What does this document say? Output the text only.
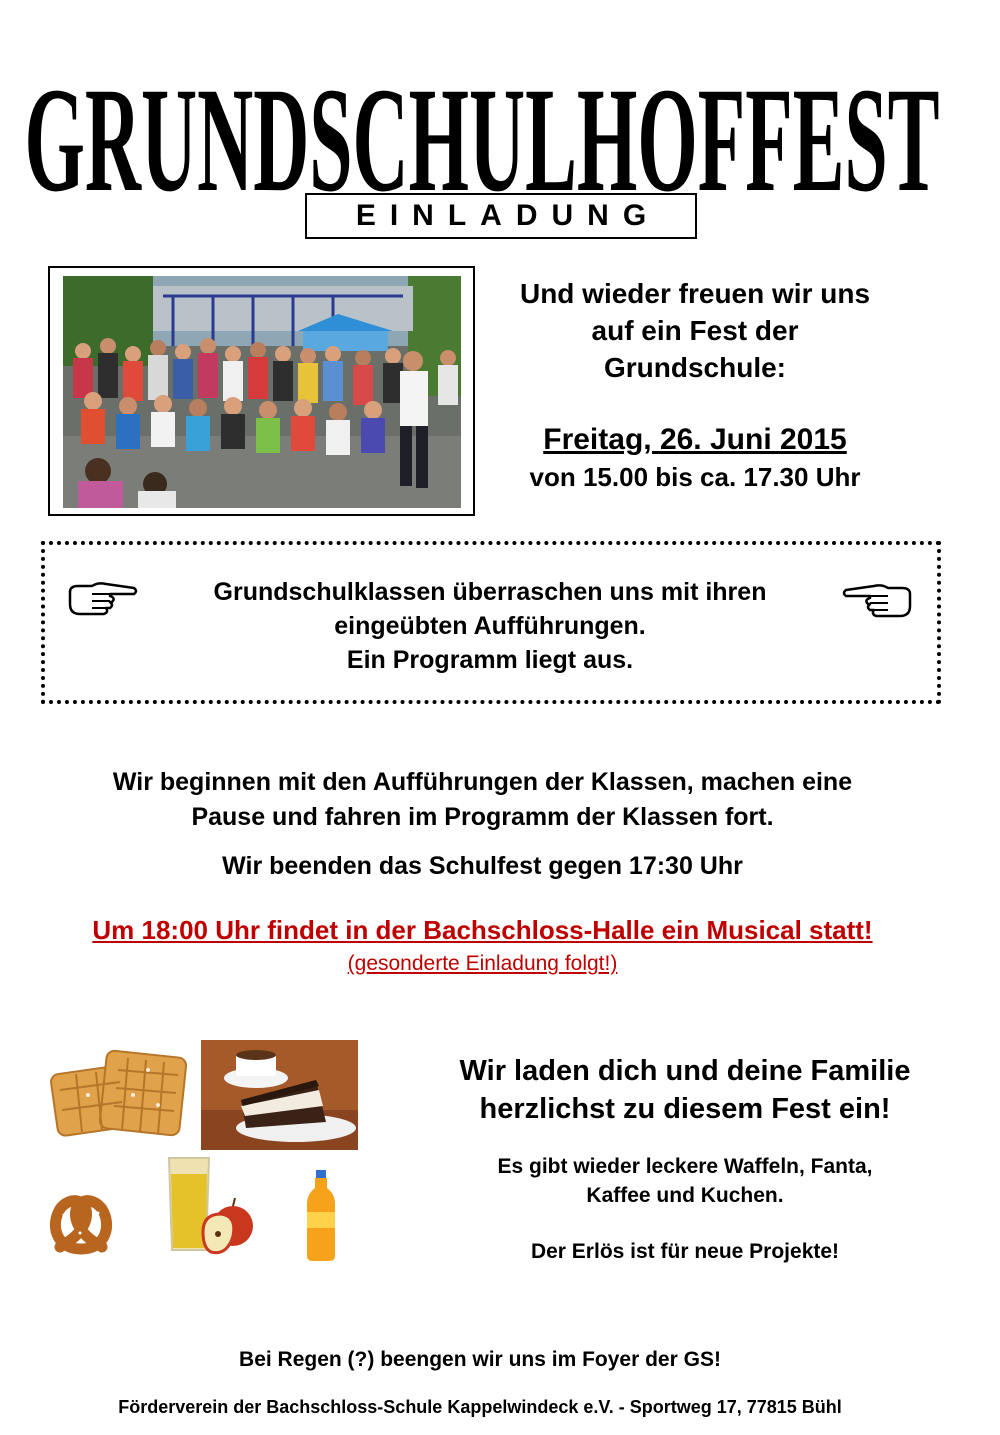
GRUNDSCHULHOFFEST
EINLADUNG
Und wieder freuen wir uns
auf ein Fest der
Grundschule:
Freitag, 26. Juni 2015
von 15.00 bis ca. 17.30 Uhr
Grundschulklassen überraschen uns mit ihren
eingeübten Aufführungen.
Ein Programm liegt aus.
Wir beginnen mit den Aufführungen der Klassen, machen eine
Pause und fahren im Programm der Klassen fort.
Wir beenden das Schulfest gegen 17:30 Uhr
Um 18:00 Uhr findet in der Bachschloss-Halle ein Musical statt!
(gesonderte Einladung folgt!)
Wir laden dich und deine Familie
herzlichst zu diesem Fest ein!
Es gibt wieder leckere Waffeln, Fanta,
Kaffee und Kuchen.
Der Erlös ist für neue Projekte!
Bei Regen (?) beengen wir uns im Foyer der GS!
Förderverein der Bachschloss-Schule Kappelwindeck e.V. - Sportweg 17, 77815 Bühl
